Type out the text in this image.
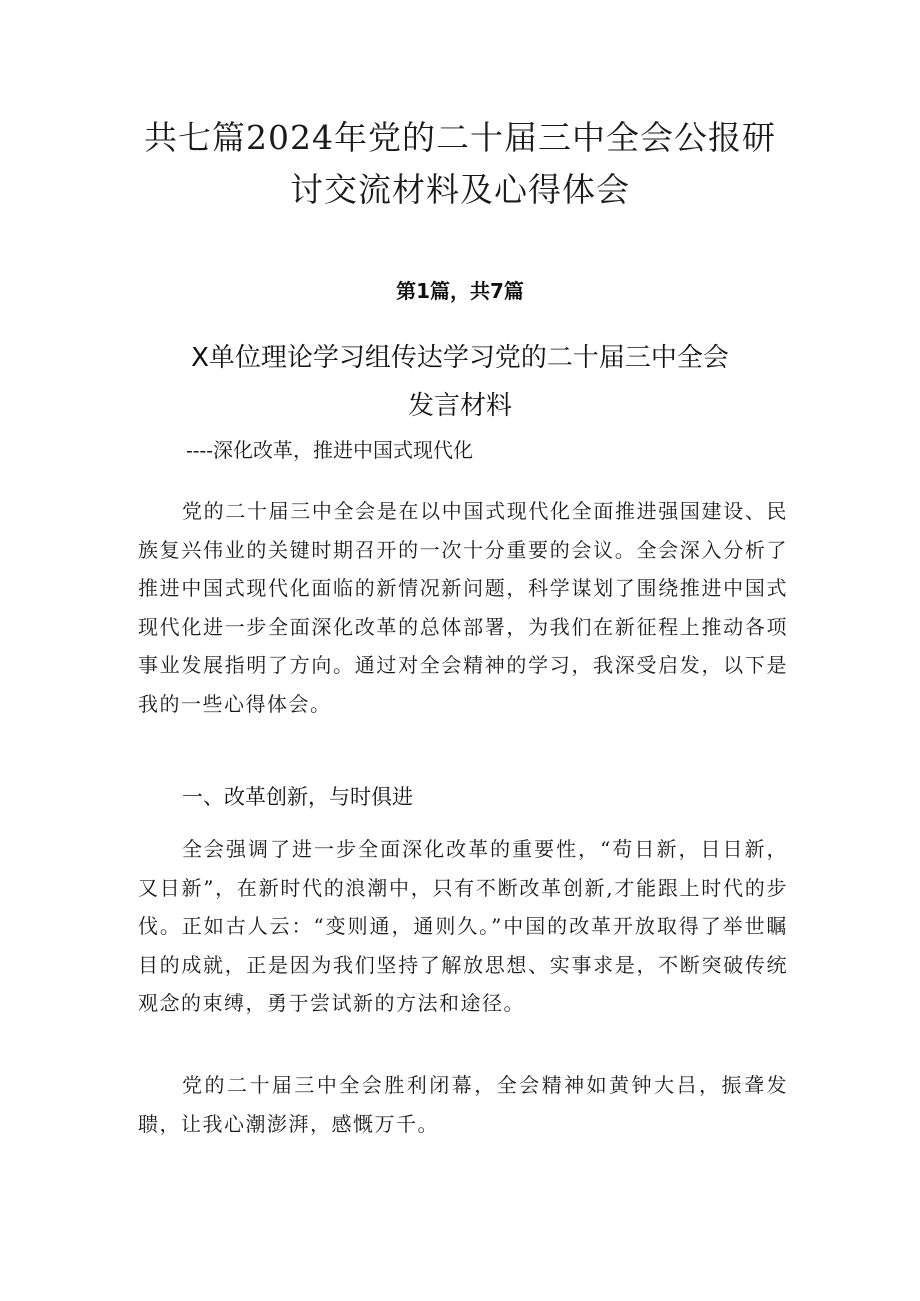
共七篇2024年党的二十届三中全会公报研讨交流材料及心得体会
第1篇，共7篇
X单位理论学习组传达学习党的二十届三中全会
发言材料
----深化改革，推进中国式现代化

党的二十届三中全会是在以中国式现代化全面推进强国建设、民族复兴伟业的关键时期召开的一次十分重要的会议。全会深入分析了推进中国式现代化面临的新情况新问题，科学谋划了围绕推进中国式现代化进一步全面深化改革的总体部署，为我们在新征程上推动各项事业发展指明了方向。通过对全会精神的学习，我深受启发，以下是我的一些心得体会。

一、改革创新，与时俱进

全会强调了进一步全面深化改革的重要性，“苟日新，日日新，又日新”，在新时代的浪潮中，只有不断改革创新,才能跟上时代的步伐。正如古人云：“变则通，通则久。”中国的改革开放取得了举世瞩目的成就，正是因为我们坚持了解放思想、实事求是，不断突破传统观念的束缚，勇于尝试新的方法和途径。

党的二十届三中全会胜利闭幕，全会精神如黄钟大吕，振聋发聩，让我心潮澎湃，感慨万千。
